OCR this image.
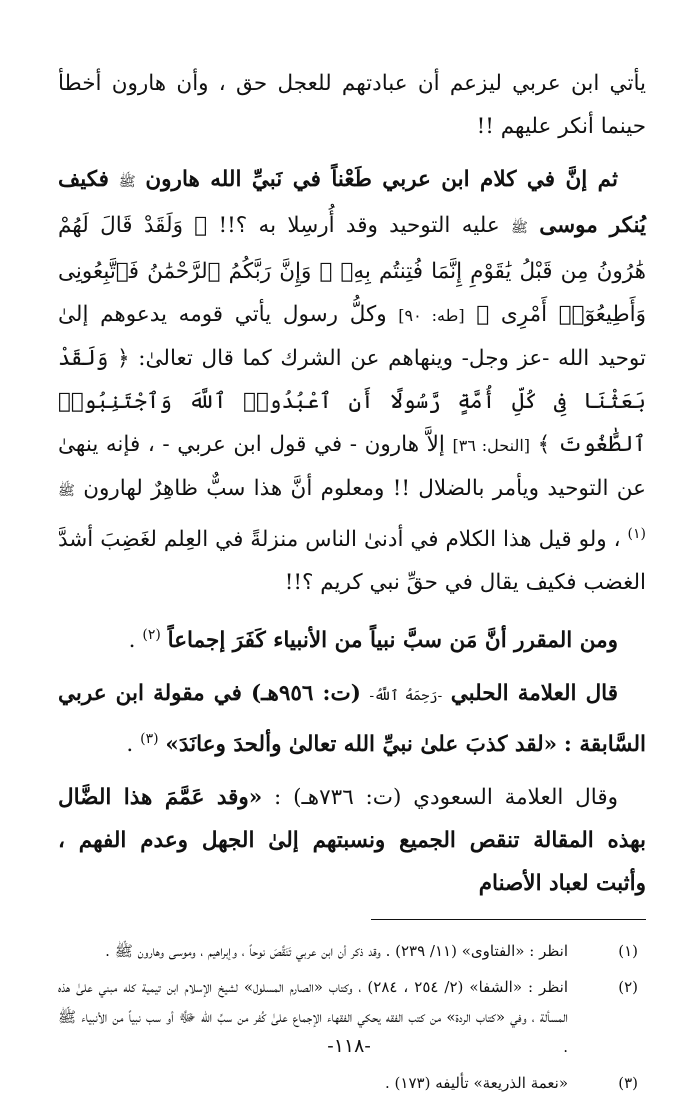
يأتي ابن عربي ليزعم أن عبادتهم للعجل حق ، وأن هارون أخطأ حينما أنكر عليهم !!

ثم إنَّ في كلام ابن عربي طَعْناً في نَبيِّ الله هارون ﷺ فكيف يُنكر موسى ﷺ عليه التوحيد وقد أُرسِلا به ؟!! ﴿ وَلَقَدْ قَالَ لَهُمْ هَٰرُونُ مِن قَبْلُ يَٰقَوْمِ إِنَّمَا فُتِنتُم بِهِۦ ۖ وَإِنَّ رَبَّكُمُ ٱلرَّحْمَٰنُ فَٱتَّبِعُونِى وَأَطِيعُوٓا۟ أَمْرِى ﴾ [طه: ٩٠] وكلُّ رسول يأتي قومه يدعوهم إلىٰ توحيد الله -عز وجل- وينهاهم عن الشرك كما قال تعالىٰ: ﴿ وَلَقَدْ بَعَثْنَا فِى كُلِّ أُمَّةٍ رَّسُولًا أَنِ ٱعْبُدُوا۟ ٱللَّهَ وَٱجْتَنِبُوا۟ ٱلطَّٰغُوتَ ﴾ [النحل: ٣٦] إلاَّ هارون - في قول ابن عربي - ، فإنه ينهىٰ عن التوحيد ويأمر بالضلال !! ومعلوم أنَّ هذا سبٌّ ظاهِرٌ لهارون ﷺ $^{(١)}$ ، ولو قيل هذا الكلام في أدنىٰ الناس منزلةً في العِلم لغَضِبَ أشدَّ الغضب فكيف يقال في حقِّ نبي كريم ؟!!

ومن المقرر أنَّ مَن سبَّ نبياً من الأنبياء كَفَرَ إجماعاً $^{(٢)}$ .

قال العلامة الحلبي -رَحِمَهُ ٱللَّهُ- (ت: ٩٥٦هـ) في مقولة ابن عربي السَّابقة : «لقد كذبَ علىٰ نبيِّ الله تعالىٰ وألحدَ وعانَدَ» $^{(٣)}$ .

وقال العلامة السعودي (ت: ٧٣٦هـ) : «وقد عَمَّمَ هذا الضَّال بهذه المقالة تنقص الجميع ونسبتهم إلىٰ الجهل وعدم الفهم ، وأثبت لعباد الأصنام

(١)
انظر : «الفتاوى» (١١/ ٢٣٩) . وقد ذكر أن ابن عربي تَنَقَّصَ نوحاً ، وإبراهيم ، وموسى وهارون ﷺ .
(٢)
انظر : «الشفا» (٢/ ٢٥٤ ، ٢٨٤) ، وكتاب «الصارم المسلول» لشيخ الإسلام ابن تيمية كله مبني علىٰ هذه المسألة ، وفي «كتاب الردة» من كتب الفقه يحكي الفقهاء الإجماع علىٰ كُفر من سبَّ الله ﷻ أو سب نبياً من الأنبياء ﷺ .
(٣)
«نعمة الذريعة» تأليفه (١٧٣) .
-١١٨-
